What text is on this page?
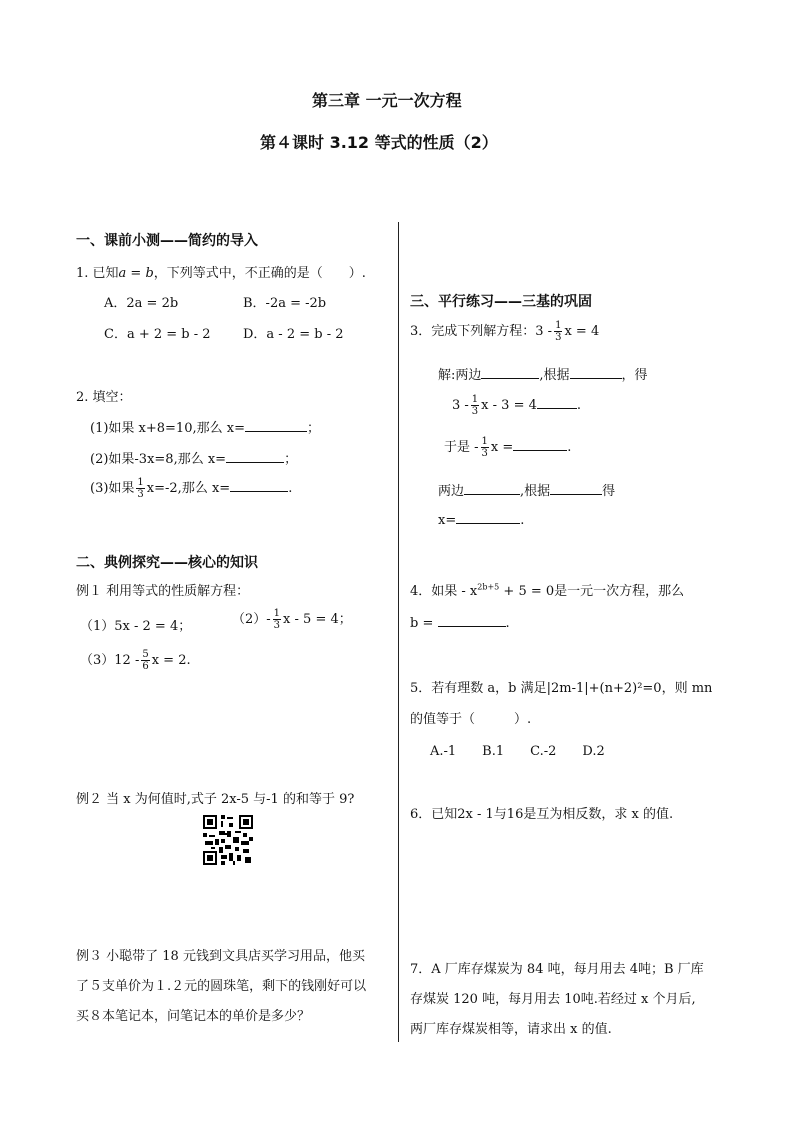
第三章 一元一次方程
第４课时 3.12 等式的性质（2）
一、课前小测——简约的导入
1. 已知a = b，下列等式中，不正确的是（　　）.
A．2a = 2b	B．-2a = -2b
C．a + 2 = b - 2 D．a - 2 = b - 2
2. 填空：
(1)如果 x+8=10,那么 x=	；
(2)如果-3x=8,那么 x=	；
(3)如果 $\frac{1}{3} x=-2$,那么 x=	.
二、典例探究——核心的知识
例１ 利用等式的性质解方程：
（1）5x - 2 = 4；	$(2)- \frac{1}{3}$ x - 5 = 4；
$(3)12 - \frac{5}{6}$ x = 2.
例２ 当 x 为何值时,式子 2x-5 与-1 的和等于 9?
例３ 小聪带了 18 元钱到文具店买学习用品，他买
了５支单价为１.２元的圆珠笔，剩下的钱刚好可以
买８本笔记本，问笔记本的单价是多少？
三、平行练习——三基的巩固
3．完成下列解方程：$3 - \frac{1}{3}$ x = 4
解:两边	,根据	，得
$3 - \frac{1}{3}$ x - 3 = 4	.
于是 - $\frac{1}{3}$ x =	.
两边	,根据	得
x=	.
4．如果 - $x^{2b+5} + 5 = 0$是一元一次方程，那么
b =	.
5．若有理数 a，b 满足|2m-1|+(n+2)²=0，则 mn
的值等于（　　　）.
A.-1　　B.1　　C.-2　　D.2
6．已知2x - 1与16是互为相反数，求 x 的值.
7．A 厂库存煤炭为 84 吨，每月用去 4吨；B 厂库
存煤炭 120 吨，每月用去 10吨.若经过 x 个月后,
两厂库存煤炭相等，请求出 x 的值.
